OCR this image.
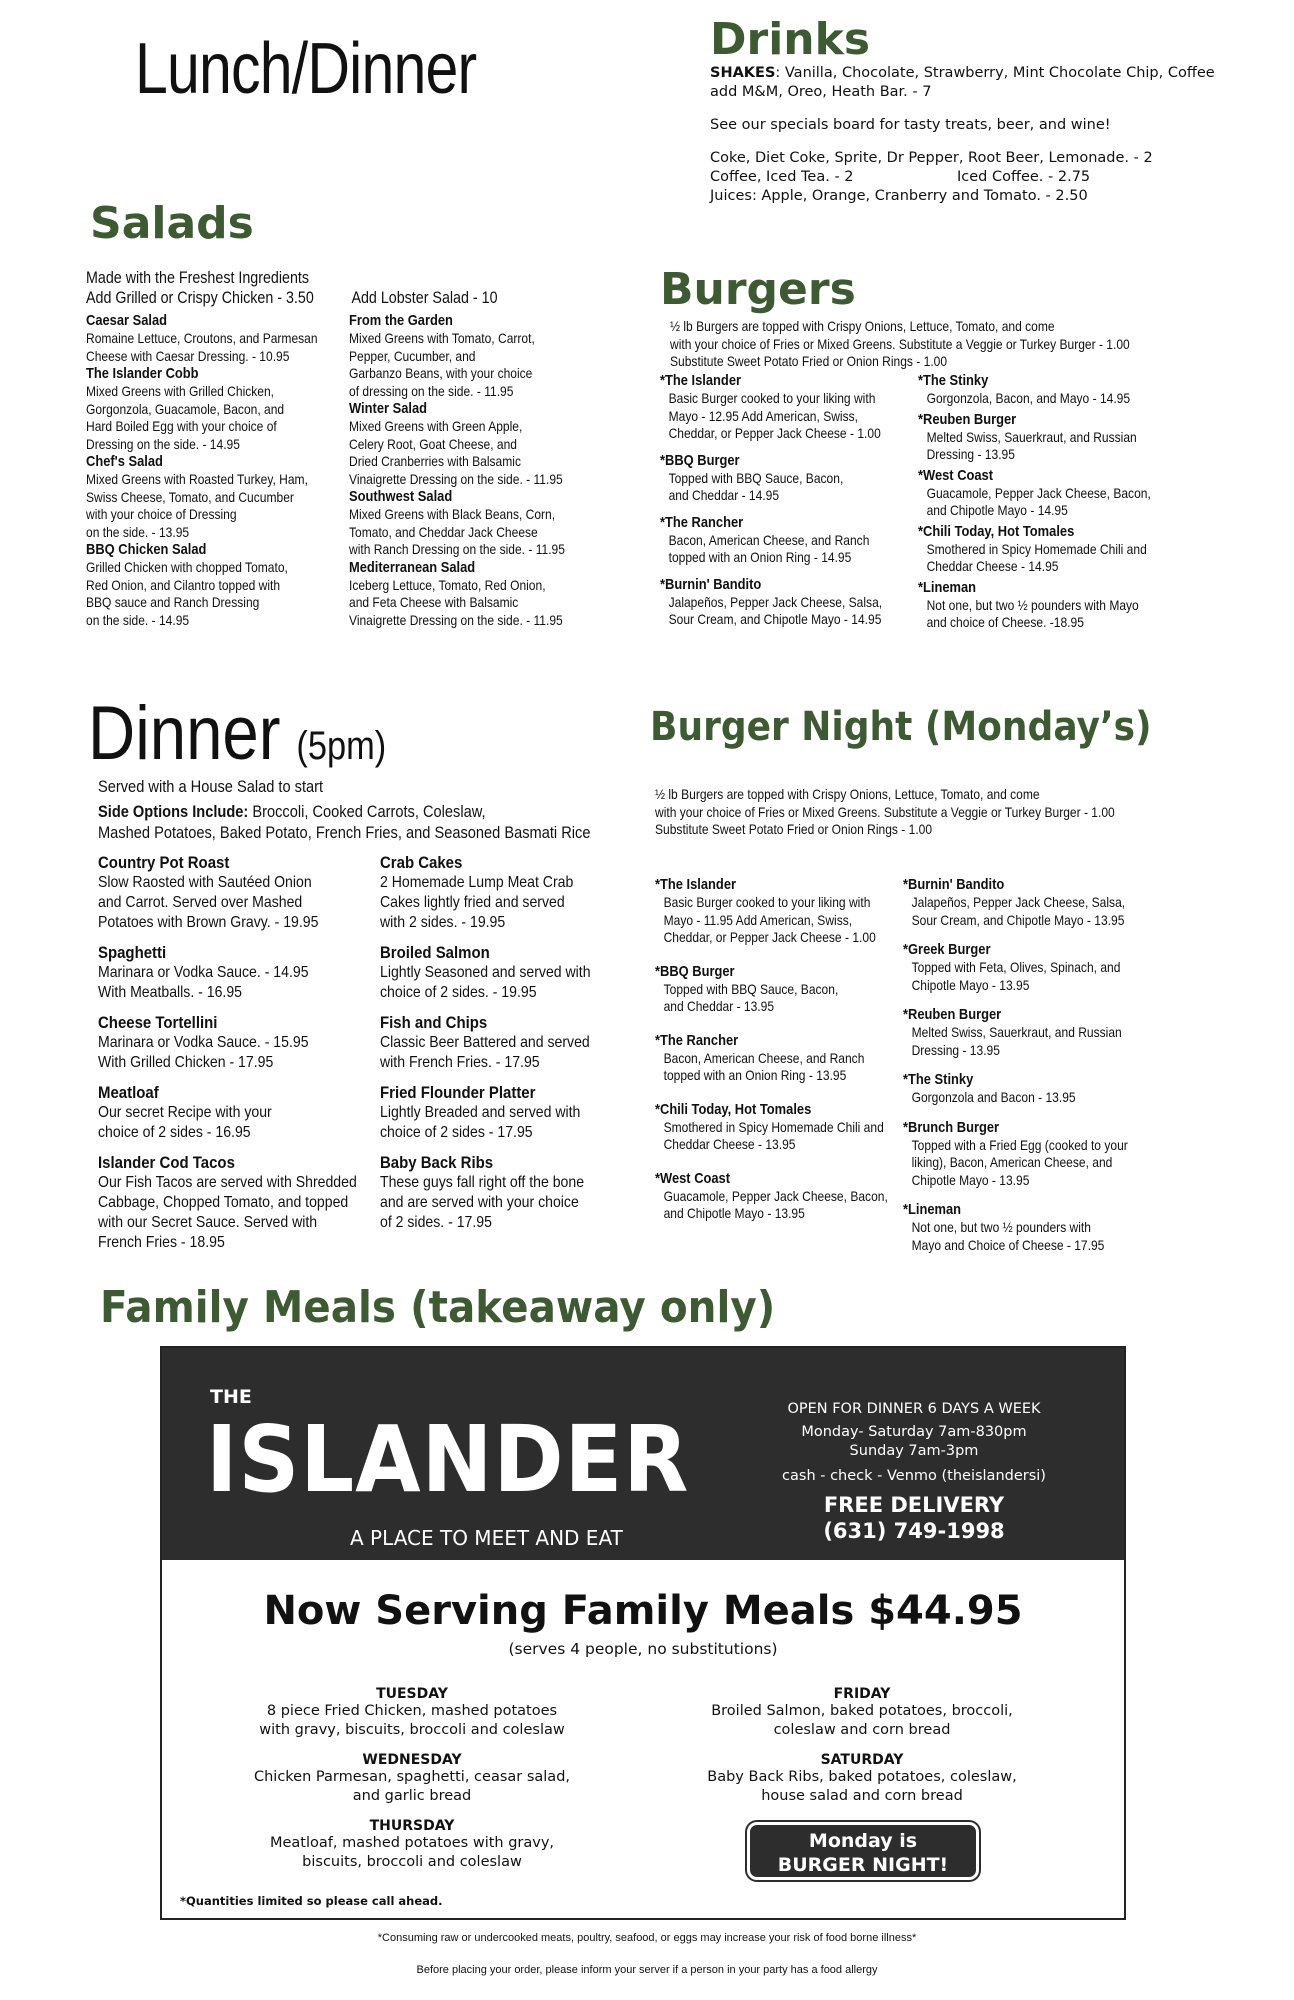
Lunch/Dinner	Drinks
SHAKES: Vanilla, Chocolate, Strawberry, Mint Chocolate Chip, Coffee
add M&M, Oreo, Heath Bar. - 7
See our specials board for tasty treats, beer, and wine!
Coke, Diet Coke, Sprite, Dr Pepper, Root Beer, Lemonade. - 2
Coffee, Iced Tea. - 2	Iced Coffee. - 2.75
Juices: Apple, Orange, Cranberry and Tomato. - 2.50
Salads
Made with the Freshest Ingredients
Add Grilled or Crispy Chicken - 3.50 Add Lobster Salad - 10
Caesar Salad
Romaine Lettuce, Croutons, and Parmesan
Cheese with Caesar Dressing. - 10.95
The Islander Cobb
Mixed Greens with Grilled Chicken,
Gorgonzola, Guacamole, Bacon, and
Hard Boiled Egg with your choice of
Dressing on the side. - 14.95
Chef's Salad
Mixed Greens with Roasted Turkey, Ham,
Swiss Cheese, Tomato, and Cucumber
with your choice of Dressing
on the side. - 13.95
BBQ Chicken Salad
Grilled Chicken with chopped Tomato,
Red Onion, and Cilantro topped with
BBQ sauce and Ranch Dressing
on the side. - 14.95
From the Garden
Mixed Greens with Tomato, Carrot,
Pepper, Cucumber, and
Garbanzo Beans, with your choice
of dressing on the side. - 11.95
Winter Salad
Mixed Greens with Green Apple,
Celery Root, Goat Cheese, and
Dried Cranberries with Balsamic
Vinaigrette Dressing on the side. - 11.95
Southwest Salad
Mixed Greens with Black Beans, Corn,
Tomato, and Cheddar Jack Cheese
with Ranch Dressing on the side. - 11.95
Mediterranean Salad
Iceberg Lettuce, Tomato, Red Onion,
and Feta Cheese with Balsamic
Vinaigrette Dressing on the side. - 11.95
Burgers
½ lb Burgers are topped with Crispy Onions, Lettuce, Tomato, and come
with your choice of Fries or Mixed Greens. Substitute a Veggie or Turkey Burger - 1.00
Substitute Sweet Potato Fried or Onion Rings - 1.00
*The Islander
Basic Burger cooked to your liking with
Mayo - 12.95 Add American, Swiss,
Cheddar, or Pepper Jack Cheese - 1.00
*BBQ Burger
Topped with BBQ Sauce, Bacon,
and Cheddar - 14.95
*The Rancher
Bacon, American Cheese, and Ranch
topped with an Onion Ring - 14.95
*Burnin' Bandito
Jalapeños, Pepper Jack Cheese, Salsa,
Sour Cream, and Chipotle Mayo - 14.95
*The Stinky
Gorgonzola, Bacon, and Mayo - 14.95
*Reuben Burger
Melted Swiss, Sauerkraut, and Russian
Dressing - 13.95
*West Coast
Guacamole, Pepper Jack Cheese, Bacon,
and Chipotle Mayo - 14.95
*Chili Today, Hot Tomales
Smothered in Spicy Homemade Chili and
Cheddar Cheese - 14.95
*Lineman
Not one, but two ½ pounders with Mayo
and choice of Cheese. -18.95
Dinner (5pm)
Served with a House Salad to start
Side Options Include: Broccoli, Cooked Carrots, Coleslaw,
Mashed Potatoes, Baked Potato, French Fries, and Seasoned Basmati Rice
Country Pot Roast
Slow Raosted with Sautéed Onion
and Carrot. Served over Mashed
Potatoes with Brown Gravy. - 19.95
Spaghetti
Marinara or Vodka Sauce. - 14.95
With Meatballs. - 16.95
Cheese Tortellini
Marinara or Vodka Sauce. - 15.95
With Grilled Chicken - 17.95
Meatloaf
Our secret Recipe with your
choice of 2 sides - 16.95
Islander Cod Tacos
Our Fish Tacos are served with Shredded
Cabbage, Chopped Tomato, and topped
with our Secret Sauce. Served with
French Fries - 18.95
Crab Cakes
2 Homemade Lump Meat Crab
Cakes lightly fried and served
with 2 sides. - 19.95
Broiled Salmon
Lightly Seasoned and served with
choice of 2 sides. - 19.95
Fish and Chips
Classic Beer Battered and served
with French Fries. - 17.95
Fried Flounder Platter
Lightly Breaded and served with
choice of 2 sides - 17.95
Baby Back Ribs
These guys fall right off the bone
and are served with your choice
of 2 sides. - 17.95
Burger Night (Monday’s)
½ lb Burgers are topped with Crispy Onions, Lettuce, Tomato, and come
with your choice of Fries or Mixed Greens. Substitute a Veggie or Turkey Burger - 1.00
Substitute Sweet Potato Fried or Onion Rings - 1.00
*The Islander
Basic Burger cooked to your liking with
Mayo - 11.95 Add American, Swiss,
Cheddar, or Pepper Jack Cheese - 1.00
*BBQ Burger
Topped with BBQ Sauce, Bacon,
and Cheddar - 13.95
*The Rancher
Bacon, American Cheese, and Ranch
topped with an Onion Ring - 13.95
*Chili Today, Hot Tomales
Smothered in Spicy Homemade Chili and
Cheddar Cheese - 13.95
*West Coast
Guacamole, Pepper Jack Cheese, Bacon,
and Chipotle Mayo - 13.95
*Burnin' Bandito
Jalapeños, Pepper Jack Cheese, Salsa,
Sour Cream, and Chipotle Mayo - 13.95
*Greek Burger
Topped with Feta, Olives, Spinach, and
Chipotle Mayo - 13.95
*Reuben Burger
Melted Swiss, Sauerkraut, and Russian
Dressing - 13.95
*The Stinky
Gorgonzola and Bacon - 13.95
*Brunch Burger
Topped with a Fried Egg (cooked to your
liking), Bacon, American Cheese, and
Chipotle Mayo - 13.95
*Lineman
Not one, but two ½ pounders with
Mayo and Choice of Cheese - 17.95
Family Meals (takeaway only)
THE
ISLANDER
A PLACE TO MEET AND EAT
OPEN FOR DINNER 6 DAYS A WEEK
Monday- Saturday 7am-830pm
Sunday 7am-3pm
cash - check - Venmo (theislandersi)
FREE DELIVERY
(631) 749-1998
Now Serving Family Meals $44.95
(serves 4 people, no substitutions)
TUESDAY
8 piece Fried Chicken, mashed potatoes
with gravy, biscuits, broccoli and coleslaw
WEDNESDAY
Chicken Parmesan, spaghetti, ceasar salad,
and garlic bread
THURSDAY
Meatloaf, mashed potatoes with gravy,
biscuits, broccoli and coleslaw
FRIDAY
Broiled Salmon, baked potatoes, broccoli,
coleslaw and corn bread
SATURDAY
Baby Back Ribs, baked potatoes, coleslaw,
house salad and corn bread
Monday is
BURGER NIGHT!
*Quantities limited so please call ahead.
*Consuming raw or undercooked meats, poultry, seafood, or eggs may increase your risk of food borne illness*
Before placing your order, please inform your server if a person in your party has a food allergy
